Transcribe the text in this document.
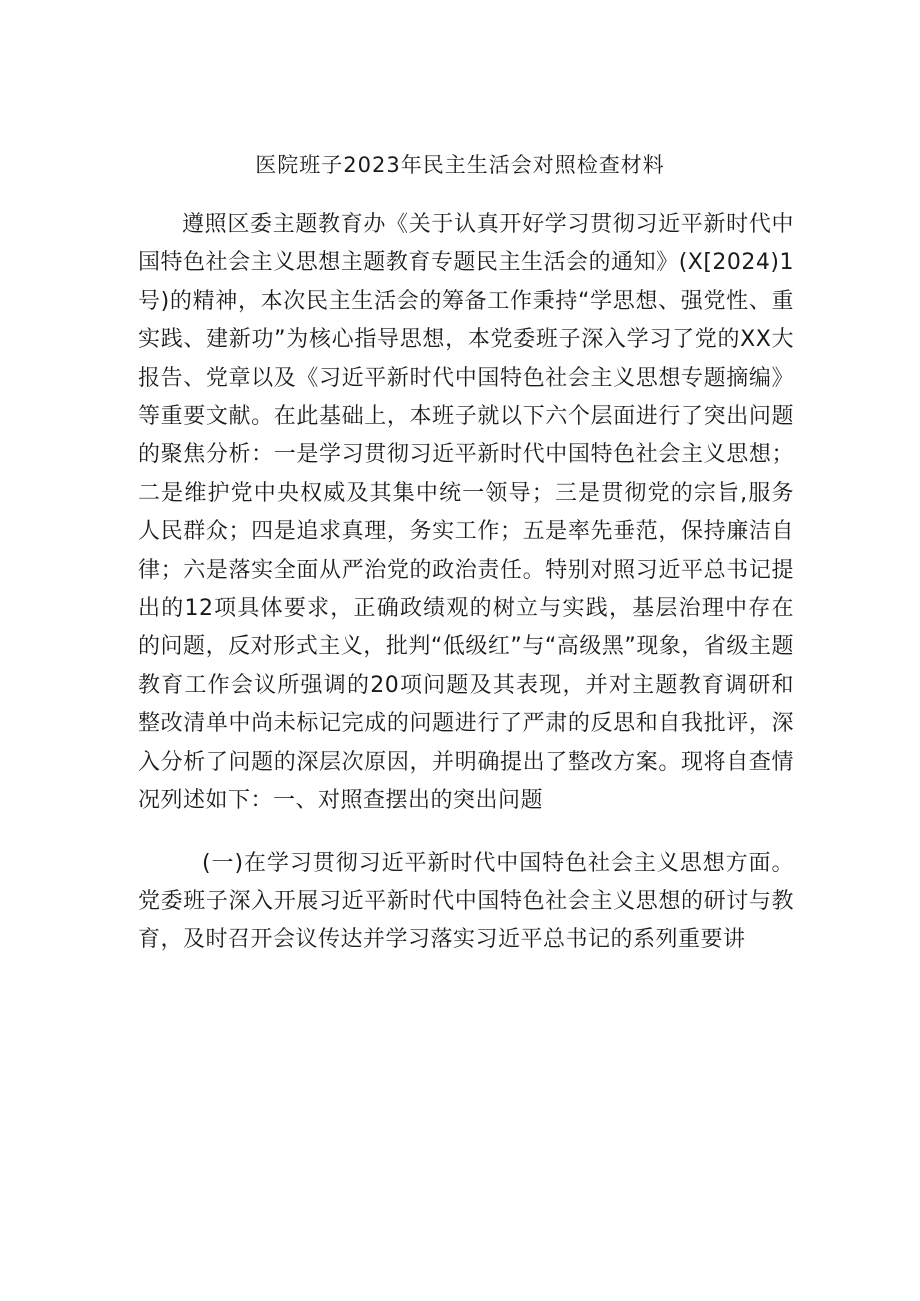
医院班子2023年民主生活会对照检查材料

遵照区委主题教育办《关于认真开好学习贯彻习近平新时代中国特色社会主义思想主题教育专题民主生活会的通知》(X[2024)1号)的精神，本次民主生活会的筹备工作秉持“学思想、强党性、重实践、建新功”为核心指导思想，本党委班子深入学习了党的XX大报告、党章以及《习近平新时代中国特色社会主义思想专题摘编》等重要文献。在此基础上，本班子就以下六个层面进行了突出问题的聚焦分析：一是学习贯彻习近平新时代中国特色社会主义思想；二是维护党中央权威及其集中统一领导；三是贯彻党的宗旨,服务人民群众；四是追求真理，务实工作；五是率先垂范，保持廉洁自律；六是落实全面从严治党的政治责任。特别对照习近平总书记提出的12项具体要求，正确政绩观的树立与实践，基层治理中存在的问题，反对形式主义，批判“低级红”与“高级黑”现象，省级主题教育工作会议所强调的20项问题及其表现，并对主题教育调研和整改清单中尚未标记完成的问题进行了严肃的反思和自我批评，深入分析了问题的深层次原因，并明确提出了整改方案。现将自查情况列述如下：一、对照查摆出的突出问题

(一)在学习贯彻习近平新时代中国特色社会主义思想方面。党委班子深入开展习近平新时代中国特色社会主义思想的研讨与教育，及时召开会议传达并学习落实习近平总书记的系列重要讲
